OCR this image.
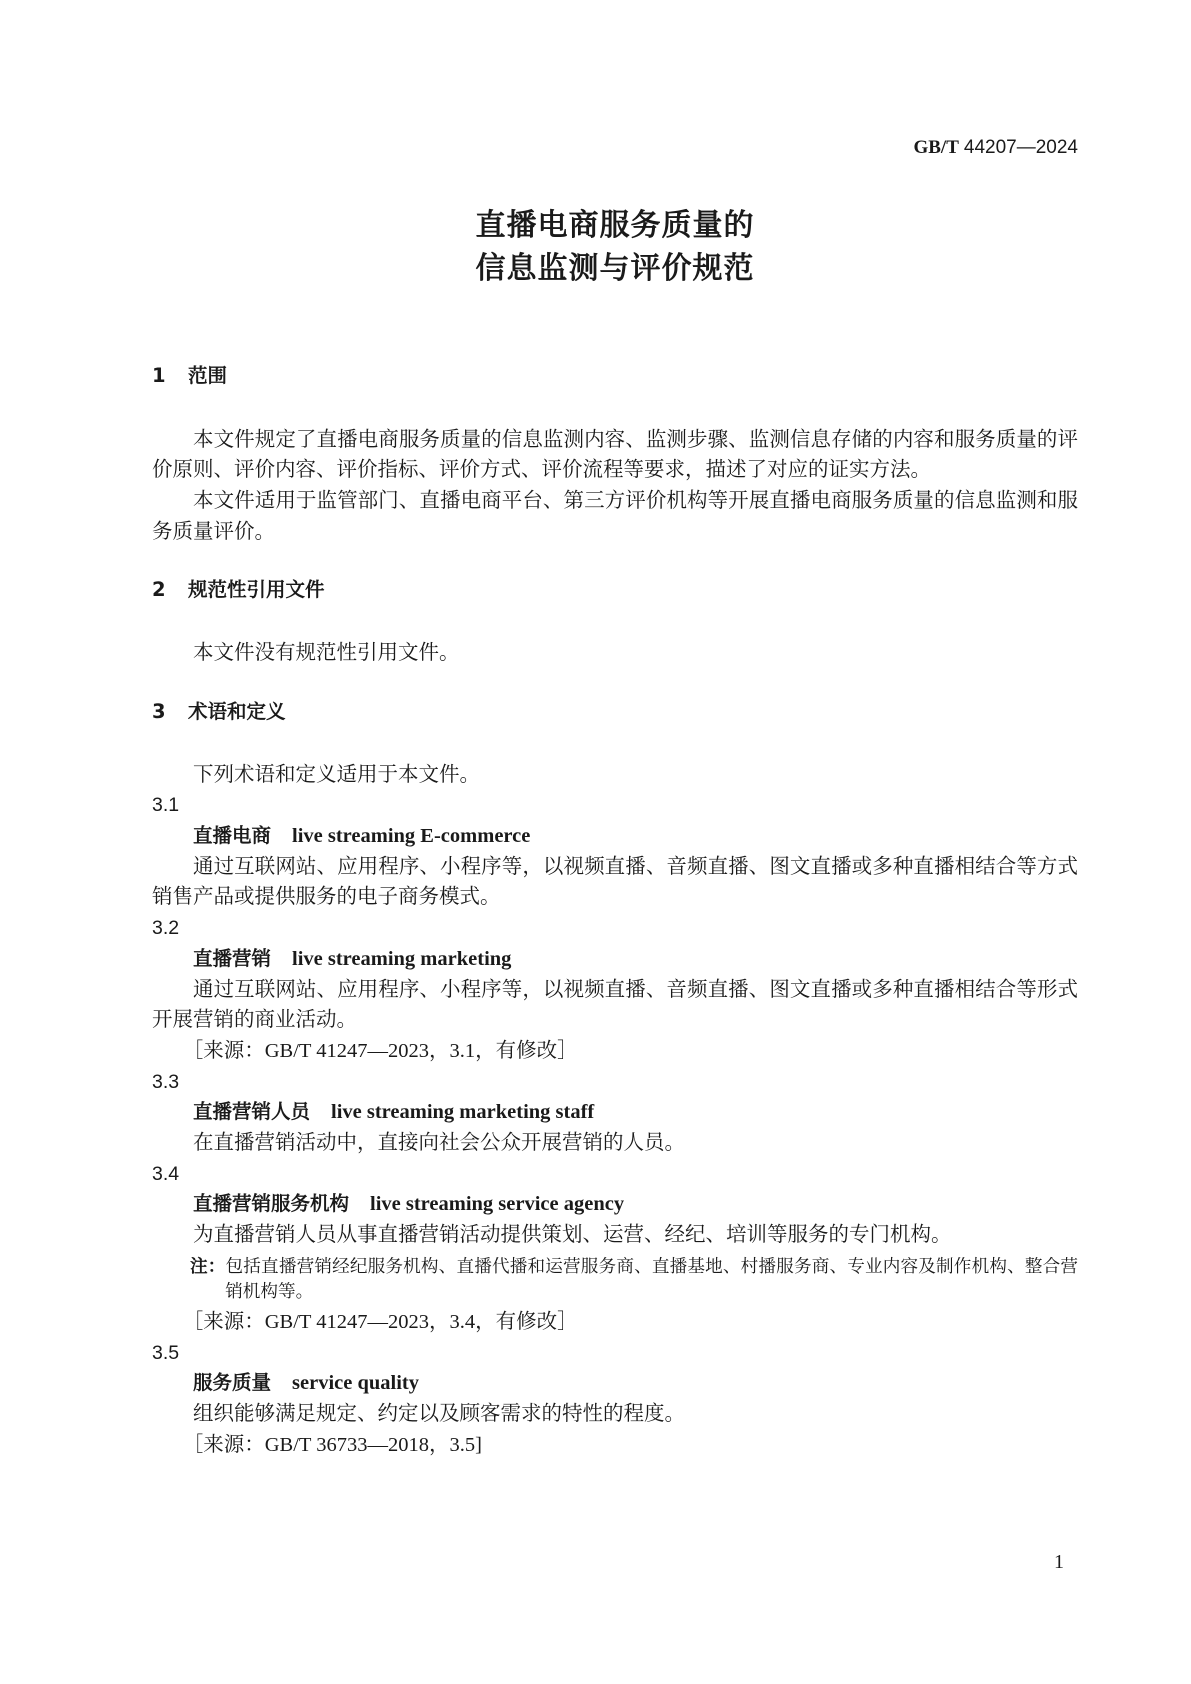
GB/T 44207—2024
直播电商服务质量的
信息监测与评价规范
1 范围
本文件规定了直播电商服务质量的信息监测内容、监测步骤、监测信息存储的内容和服务质量的评价原则、评价内容、评价指标、评价方式、评价流程等要求，描述了对应的证实方法。
本文件适用于监管部门、直播电商平台、第三方评价机构等开展直播电商服务质量的信息监测和服务质量评价。
2 规范性引用文件
本文件没有规范性引用文件。
3 术语和定义
下列术语和定义适用于本文件。
3.1
直播电商 live streaming E-commerce
通过互联网站、应用程序、小程序等，以视频直播、音频直播、图文直播或多种直播相结合等方式销售产品或提供服务的电子商务模式。
3.2
直播营销 live streaming marketing
通过互联网站、应用程序、小程序等，以视频直播、音频直播、图文直播或多种直播相结合等形式开展营销的商业活动。
［来源：GB/T 41247—2023，3.1，有修改］
3.3
直播营销人员 live streaming marketing staff
在直播营销活动中，直接向社会公众开展营销的人员。
3.4
直播营销服务机构 live streaming service agency
为直播营销人员从事直播营销活动提供策划、运营、经纪、培训等服务的专门机构。
注：包括直播营销经纪服务机构、直播代播和运营服务商、直播基地、村播服务商、专业内容及制作机构、整合营销机构等。
［来源：GB/T 41247—2023，3.4，有修改］
3.5
服务质量 service quality
组织能够满足规定、约定以及顾客需求的特性的程度。
［来源：GB/T 36733—2018，3.5]
1
